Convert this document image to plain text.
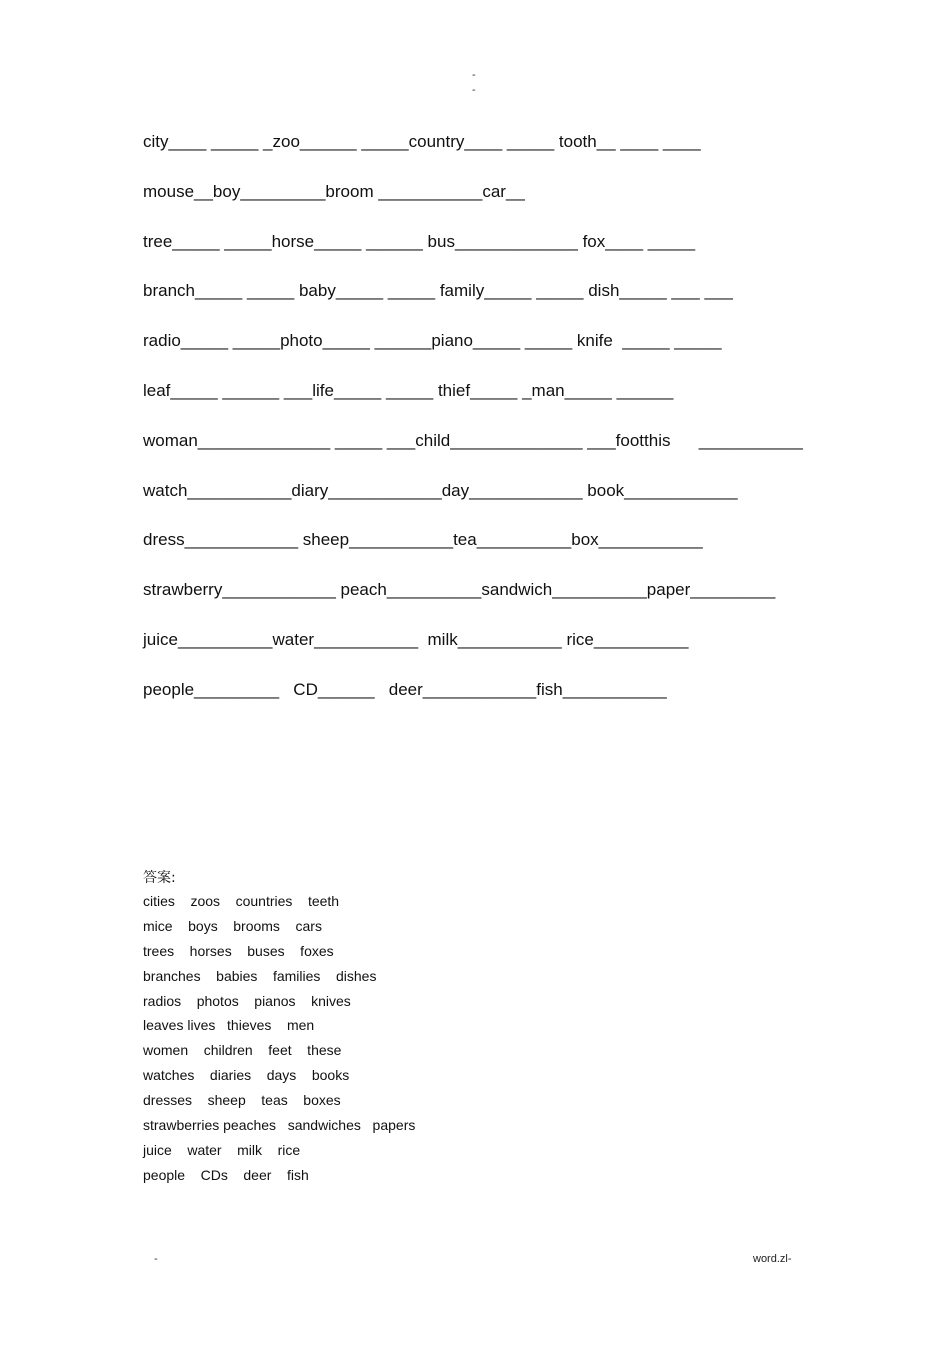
-
-
city____ _____ _zoo______ _____country____ _____ tooth__ ____ ____
mouse__boy_________broom ___________car__
tree_____ _____horse_____ ______ bus_____________ fox____ _____
branch_____ _____ baby_____ _____ family_____ _____ dish_____ ___ ___
radio_____ _____photo_____ ______piano_____ _____ knife  _____ _____
leaf_____ ______ ___life_____ _____ thief_____ _man_____ ______
woman______________ _____ ___child______________ ___footthis      ___________
watch___________diary____________day____________ book____________
dress____________ sheep___________tea__________box___________
strawberry____________ peach__________sandwich__________paper_________
juice__________water___________  milk___________ rice__________
people_________   CD______   deer____________fish___________
答案:
cities    zoos    countries    teeth
mice    boys    brooms    cars
trees    horses    buses    foxes
branches    babies    families    dishes
radios    photos    pianos    knives
leaves lives   thieves    men
women    children    feet    these
watches    diaries    days    books
dresses    sheep    teas    boxes
strawberries peaches   sandwiches   papers
juice    water    milk    rice
people    CDs    deer    fish
-	word.zl-
